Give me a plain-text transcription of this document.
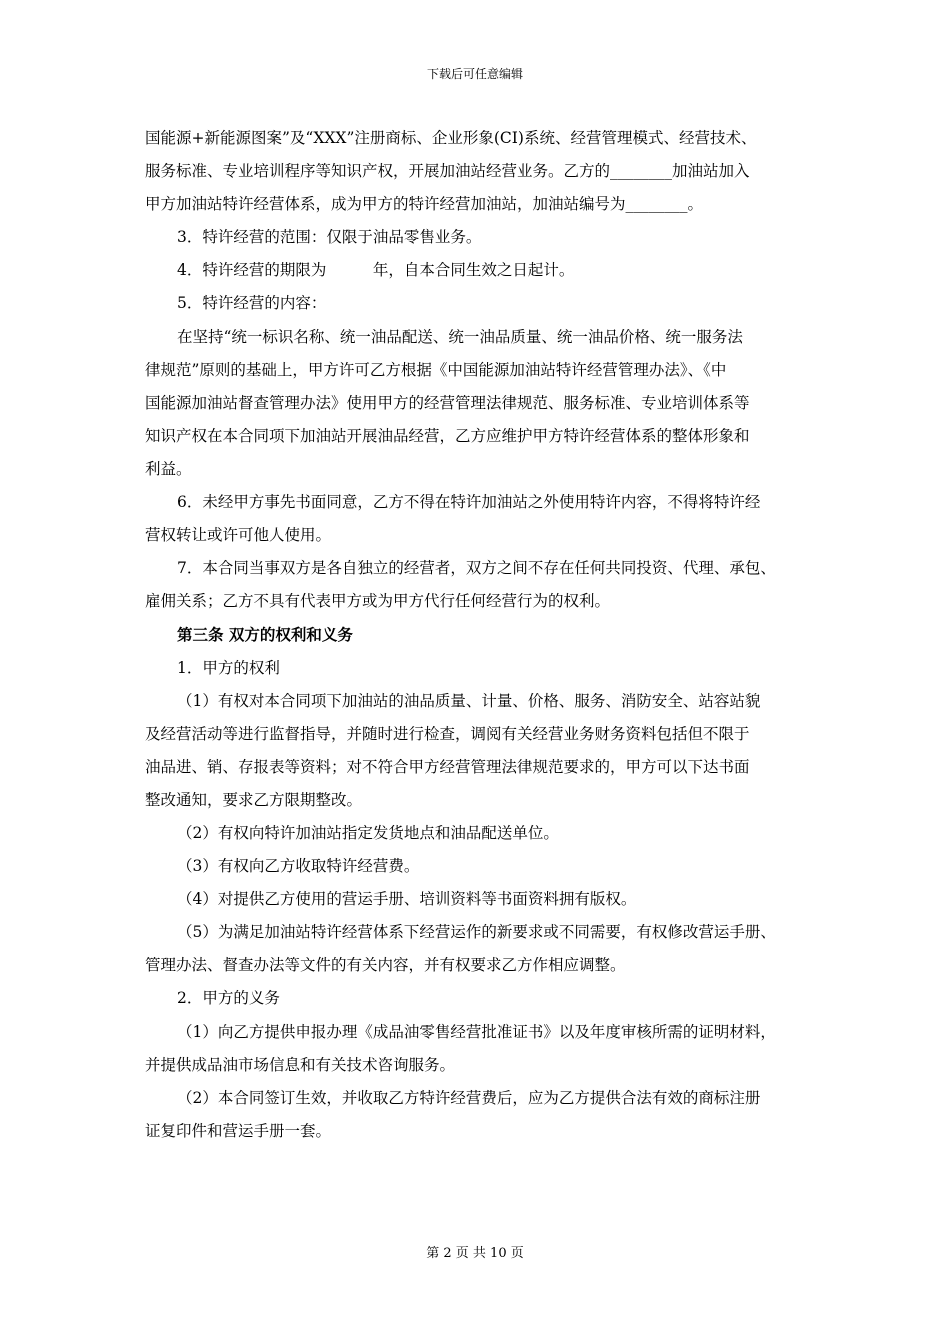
下载后可任意编辑
国能源+新能源图案”及“XXX”注册商标、企业形象(CI)系统、经营管理模式、经营技术、
服务标准、专业培训程序等知识产权，开展加油站经营业务。乙方的________加油站加入
甲方加油站特许经营体系，成为甲方的特许经营加油站，加油站编号为________。
3．特许经营的范围：仅限于油品零售业务。
4．特许经营的期限为　　　年，自本合同生效之日起计。
5．特许经营的内容：
在坚持“统一标识名称、统一油品配送、统一油品质量、统一油品价格、统一服务法
律规范”原则的基础上，甲方许可乙方根据《中国能源加油站特许经营管理办法》、《中
国能源加油站督查管理办法》使用甲方的经营管理法律规范、服务标准、专业培训体系等
知识产权在本合同项下加油站开展油品经营，乙方应维护甲方特许经营体系的整体形象和
利益。
6．未经甲方事先书面同意，乙方不得在特许加油站之外使用特许内容，不得将特许经
营权转让或许可他人使用。
7．本合同当事双方是各自独立的经营者，双方之间不存在任何共同投资、代理、承包、
雇佣关系；乙方不具有代表甲方或为甲方代行任何经营行为的权利。
第三条 双方的权利和义务
1．甲方的权利
（1）有权对本合同项下加油站的油品质量、计量、价格、服务、消防安全、站容站貌
及经营活动等进行监督指导，并随时进行检查，调阅有关经营业务财务资料包括但不限于
油品进、销、存报表等资料；对不符合甲方经营管理法律规范要求的，甲方可以下达书面
整改通知，要求乙方限期整改。
（2）有权向特许加油站指定发货地点和油品配送单位。
（3）有权向乙方收取特许经营费。
（4）对提供乙方使用的营运手册、培训资料等书面资料拥有版权。
（5）为满足加油站特许经营体系下经营运作的新要求或不同需要，有权修改营运手册、
管理办法、督查办法等文件的有关内容，并有权要求乙方作相应调整。
2．甲方的义务
（1）向乙方提供申报办理《成品油零售经营批准证书》以及年度审核所需的证明材料，
并提供成品油市场信息和有关技术咨询服务。
（2）本合同签订生效，并收取乙方特许经营费后，应为乙方提供合法有效的商标注册
证复印件和营运手册一套。
第 2 页 共 10 页
